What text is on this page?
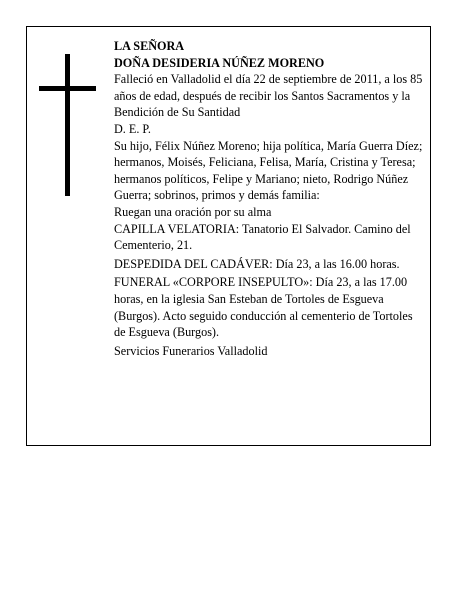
LA SEÑORA

DOÑA DESIDERIA NÚÑEZ MORENO

Falleció en Valladolid el día 22 de septiembre de 2011, a los 85 años de edad, después de recibir los Santos Sacramentos y la Bendición de Su Santidad

D. E. P.

Su hijo, Félix Núñez Moreno; hija política, María Guerra Díez; hermanos, Moisés, Feliciana, Felisa, María, Cristina y Teresa; hermanos políticos, Felipe y Mariano; nieto, Rodrigo Núñez Guerra; sobrinos, primos y demás familia:

Ruegan una oración por su alma

CAPILLA VELATORIA: Tanatorio El Salvador. Camino del Cementerio, 21.

DESPEDIDA DEL CADÁVER: Día 23, a las 16.00 horas.

FUNERAL «CORPORE INSEPULTO»: Día 23, a las 17.00 horas, en la iglesia San Esteban de Tortoles de Esgueva (Burgos). Acto seguido conducción al cementerio de Tortoles de Esgueva (Burgos).

Servicios Funerarios Valladolid
